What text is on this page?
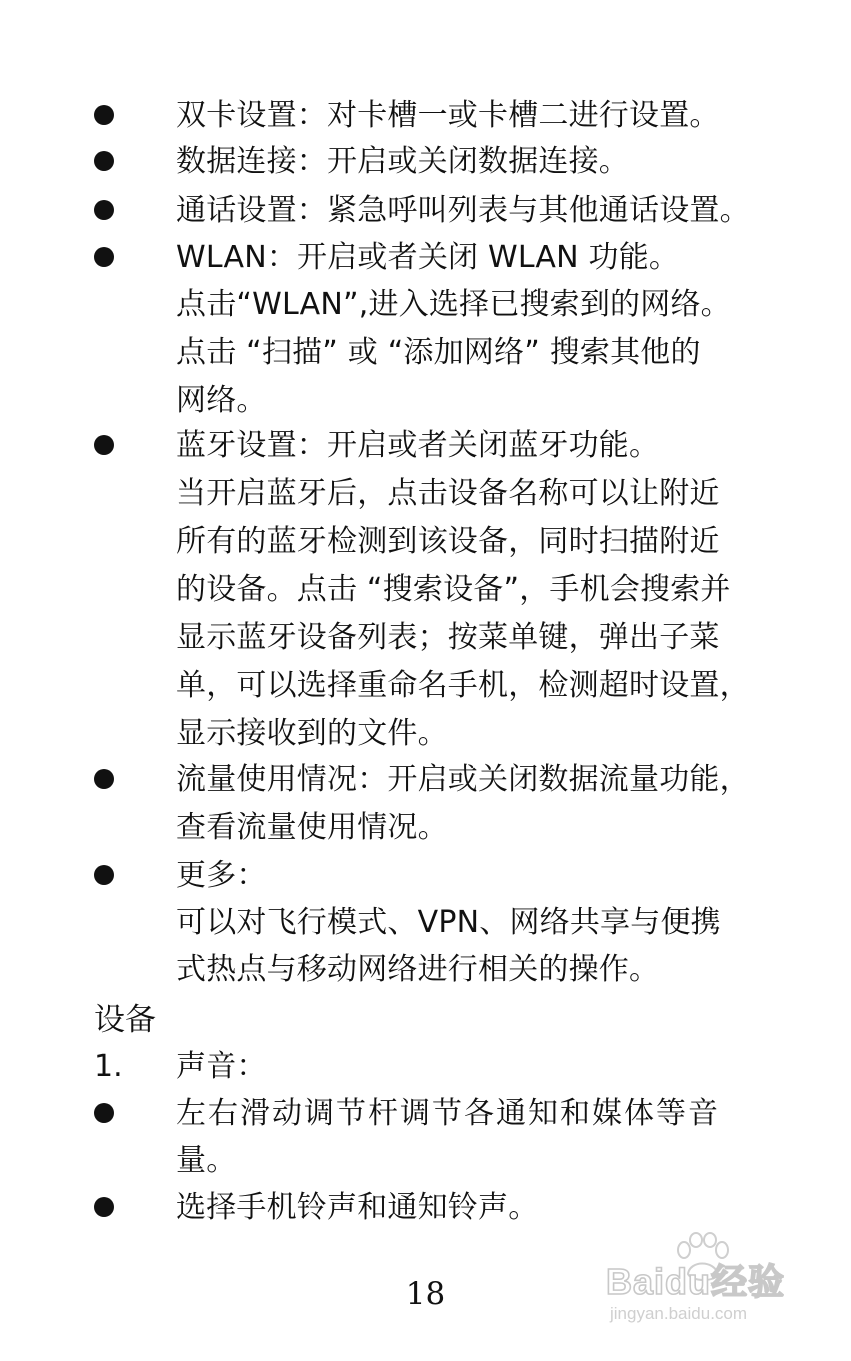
双卡设置：对卡槽一或卡槽二进行设置。
数据连接：开启或关闭数据连接。
通话设置：紧急呼叫列表与其他通话设置。
WLAN：开启或者关闭 WLAN 功能。
点击“WLAN”,进入选择已搜索到的网络。
点击 “扫描” 或 “添加网络” 搜索其他的
网络。
蓝牙设置：开启或者关闭蓝牙功能。
当开启蓝牙后，点击设备名称可以让附近
所有的蓝牙检测到该设备，同时扫描附近
的设备。点击 “搜索设备”，手机会搜索并
显示蓝牙设备列表；按菜单键，弹出子菜
单，可以选择重命名手机，检测超时设置，
显示接收到的文件。
流量使用情况：开启或关闭数据流量功能，
查看流量使用情况。
更多：
可以对飞行模式、VPN、网络共享与便携
式热点与移动网络进行相关的操作。
设备
1. 声音：
左右滑动调节杆调节各通知和媒体等音
量。
选择手机铃声和通知铃声。
18	Baidu经验
jingyan.baidu.com
